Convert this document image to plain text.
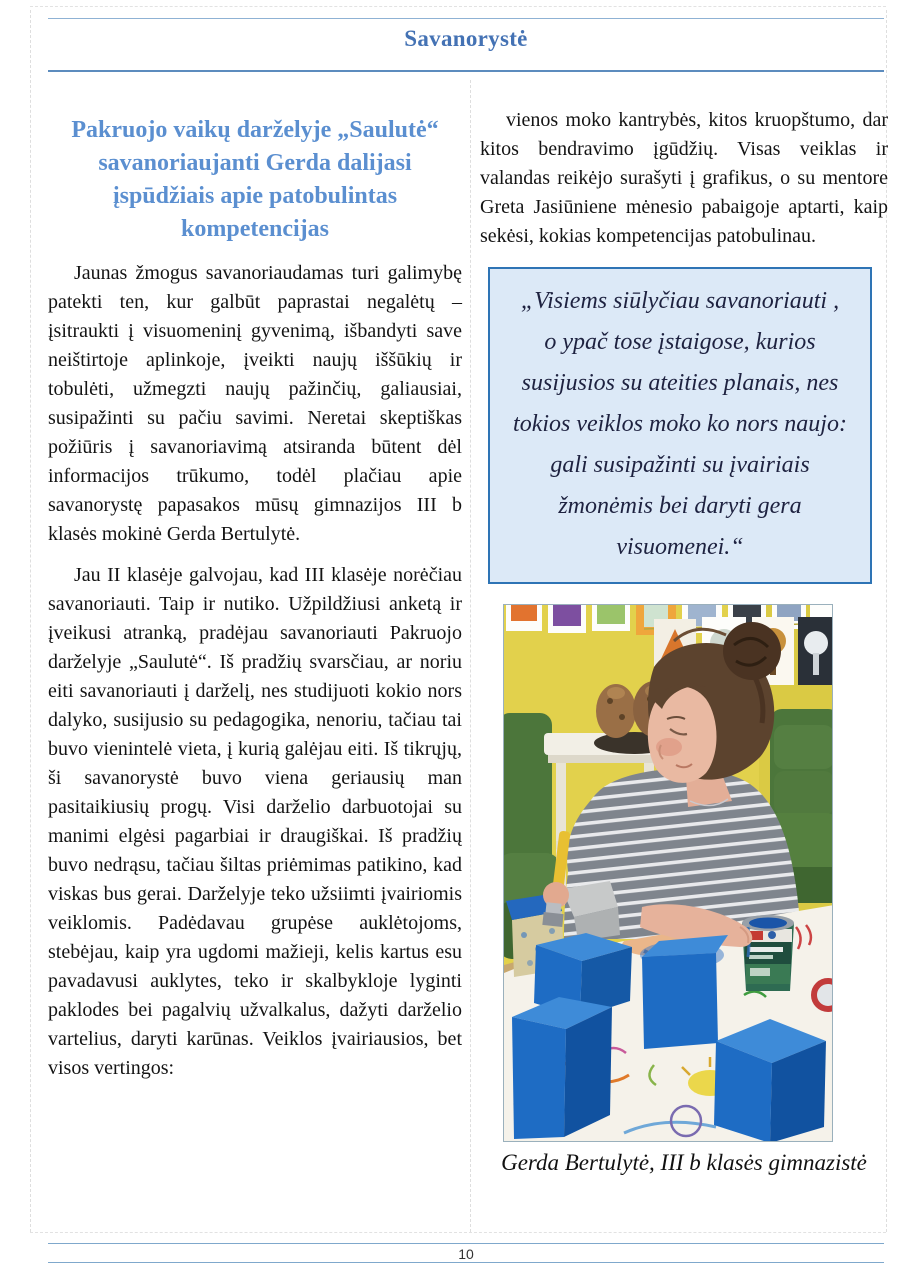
Savanorystė
Pakruojo vaikų darželyje „Saulutė“ savanoriaujanti Gerda dalijasi įspūdžiais apie patobulintas kompetencijas

Jaunas žmogus savanoriaudamas turi galimybę patekti ten, kur galbūt paprastai negalėtų – įsitraukti į visuomeninį gyvenimą, išbandyti save neištirtoje aplinkoje, įveikti naujų iššūkių ir tobulėti, užmegzti naujų pažinčių, galiausiai, susipažinti su pačiu savimi. Neretai skeptiškas požiūris į savanoriavimą atsiranda būtent dėl informacijos trūkumo, todėl plačiau apie savanorystę papasakos mūsų gimnazijos III b klasės mokinė Gerda Bertulytė.

Jau II klasėje galvojau, kad III klasėje norėčiau savanoriauti. Taip ir nutiko. Užpildžiusi anketą ir įveikusi atranką, pradėjau savanoriauti Pakruojo darželyje „Saulutė“. Iš pradžių svarsčiau, ar noriu eiti savanoriauti į darželį, nes studijuoti kokio nors dalyko, susijusio su pedagogika, nenoriu, tačiau tai buvo vienintelė vieta, į kurią galėjau eiti. Iš tikrųjų, ši savanorystė buvo viena geriausių man pasitaikiusių progų. Visi darželio darbuotojai su manimi elgėsi pagarbiai ir draugiškai. Iš pradžių buvo nedrąsu, tačiau šiltas priėmimas patikino, kad viskas bus gerai. Darželyje teko užsiimti įvairiomis veiklomis. Padėdavau grupėse auklėtojoms, stebėjau, kaip yra ugdomi mažieji, kelis kartus esu pavadavusi auklytes, teko ir skalbykloje lyginti paklodes bei pagalvių užvalkalus, dažyti darželio vartelius, daryti karūnas. Veiklos įvairiausios, bet visos vertingos:

vienos moko kantrybės, kitos kruopštumo, dar kitos bendravimo įgūdžių. Visas veiklas ir valandas reikėjo surašyti į grafikus, o su mentore Greta Jasiūniene mėnesio pabaigoje aptarti, kaip sekėsi, kokias kompetencijas patobulinau.

„Visiems siūlyčiau savanoriauti , o ypač tose įstaigose, kurios susijusios su ateities planais, nes tokios veiklos moko ko nors naujo: gali susipažinti su įvairiais žmonėmis bei daryti gera visuomenei.“

Gerda Bertulytė, III b klasės gimnazistė
10
